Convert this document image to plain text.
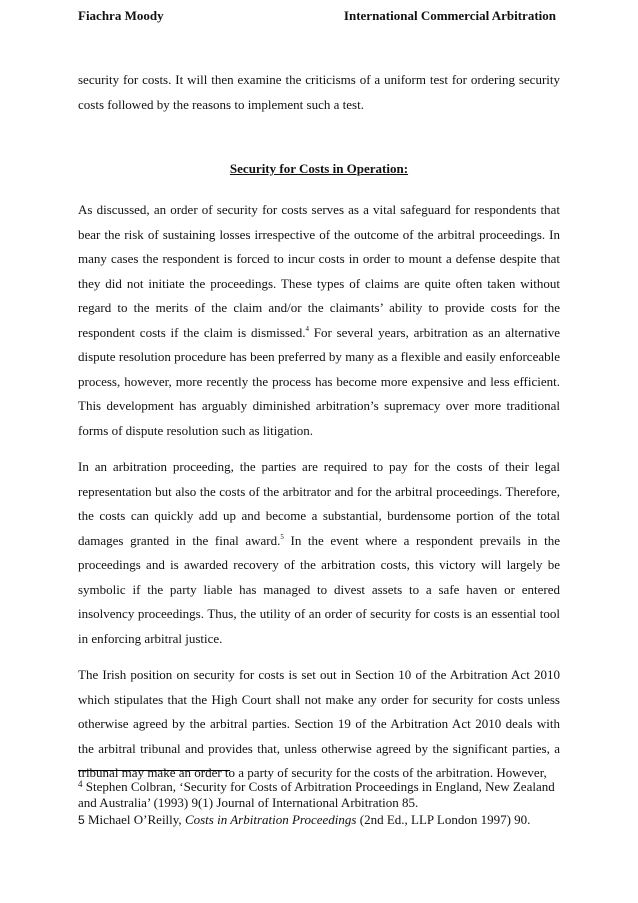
Fiachra Moody	International Commercial Arbitration

security for costs. It will then examine the criticisms of a uniform test for ordering security costs followed by the reasons to implement such a test.

Security for Costs in Operation:

As discussed, an order of security for costs serves as a vital safeguard for respondents that bear the risk of sustaining losses irrespective of the outcome of the arbitral proceedings. In many cases the respondent is forced to incur costs in order to mount a defense despite that they did not initiate the proceedings. These types of claims are quite often taken without regard to the merits of the claim and/or the claimants’ ability to provide costs for the respondent costs if the claim is dismissed.$^4$ For several years, arbitration as an alternative dispute resolution procedure has been preferred by many as a flexible and easily enforceable process, however, more recently the process has become more expensive and less efficient. This development has arguably diminished arbitration’s supremacy over more traditional forms of dispute resolution such as litigation.

In an arbitration proceeding, the parties are required to pay for the costs of their legal representation but also the costs of the arbitrator and for the arbitral proceedings. Therefore, the costs can quickly add up and become a substantial, burdensome portion of the total damages granted in the final award.$^5$ In the event where a respondent prevails in the proceedings and is awarded recovery of the arbitration costs, this victory will largely be symbolic if the party liable has managed to divest assets to a safe haven or entered insolvency proceedings. Thus, the utility of an order of security for costs is an essential tool in enforcing arbitral justice.

The Irish position on security for costs is set out in Section 10 of the Arbitration Act 2010 which stipulates that the High Court shall not make any order for security for costs unless otherwise agreed by the arbitral parties. Section 19 of the Arbitration Act 2010 deals with the arbitral tribunal and provides that, unless otherwise agreed by the significant parties, a tribunal may make an order to a party of security for the costs of the arbitration. However,

$^4$ Stephen Colbran, ‘Security for Costs of Arbitration Proceedings in England, New Zealand and Australia’ (1993) 9(1) Journal of International Arbitration 85.
5 Michael O’Reilly, Costs in Arbitration Proceedings (2nd Ed., LLP London 1997) 90.
